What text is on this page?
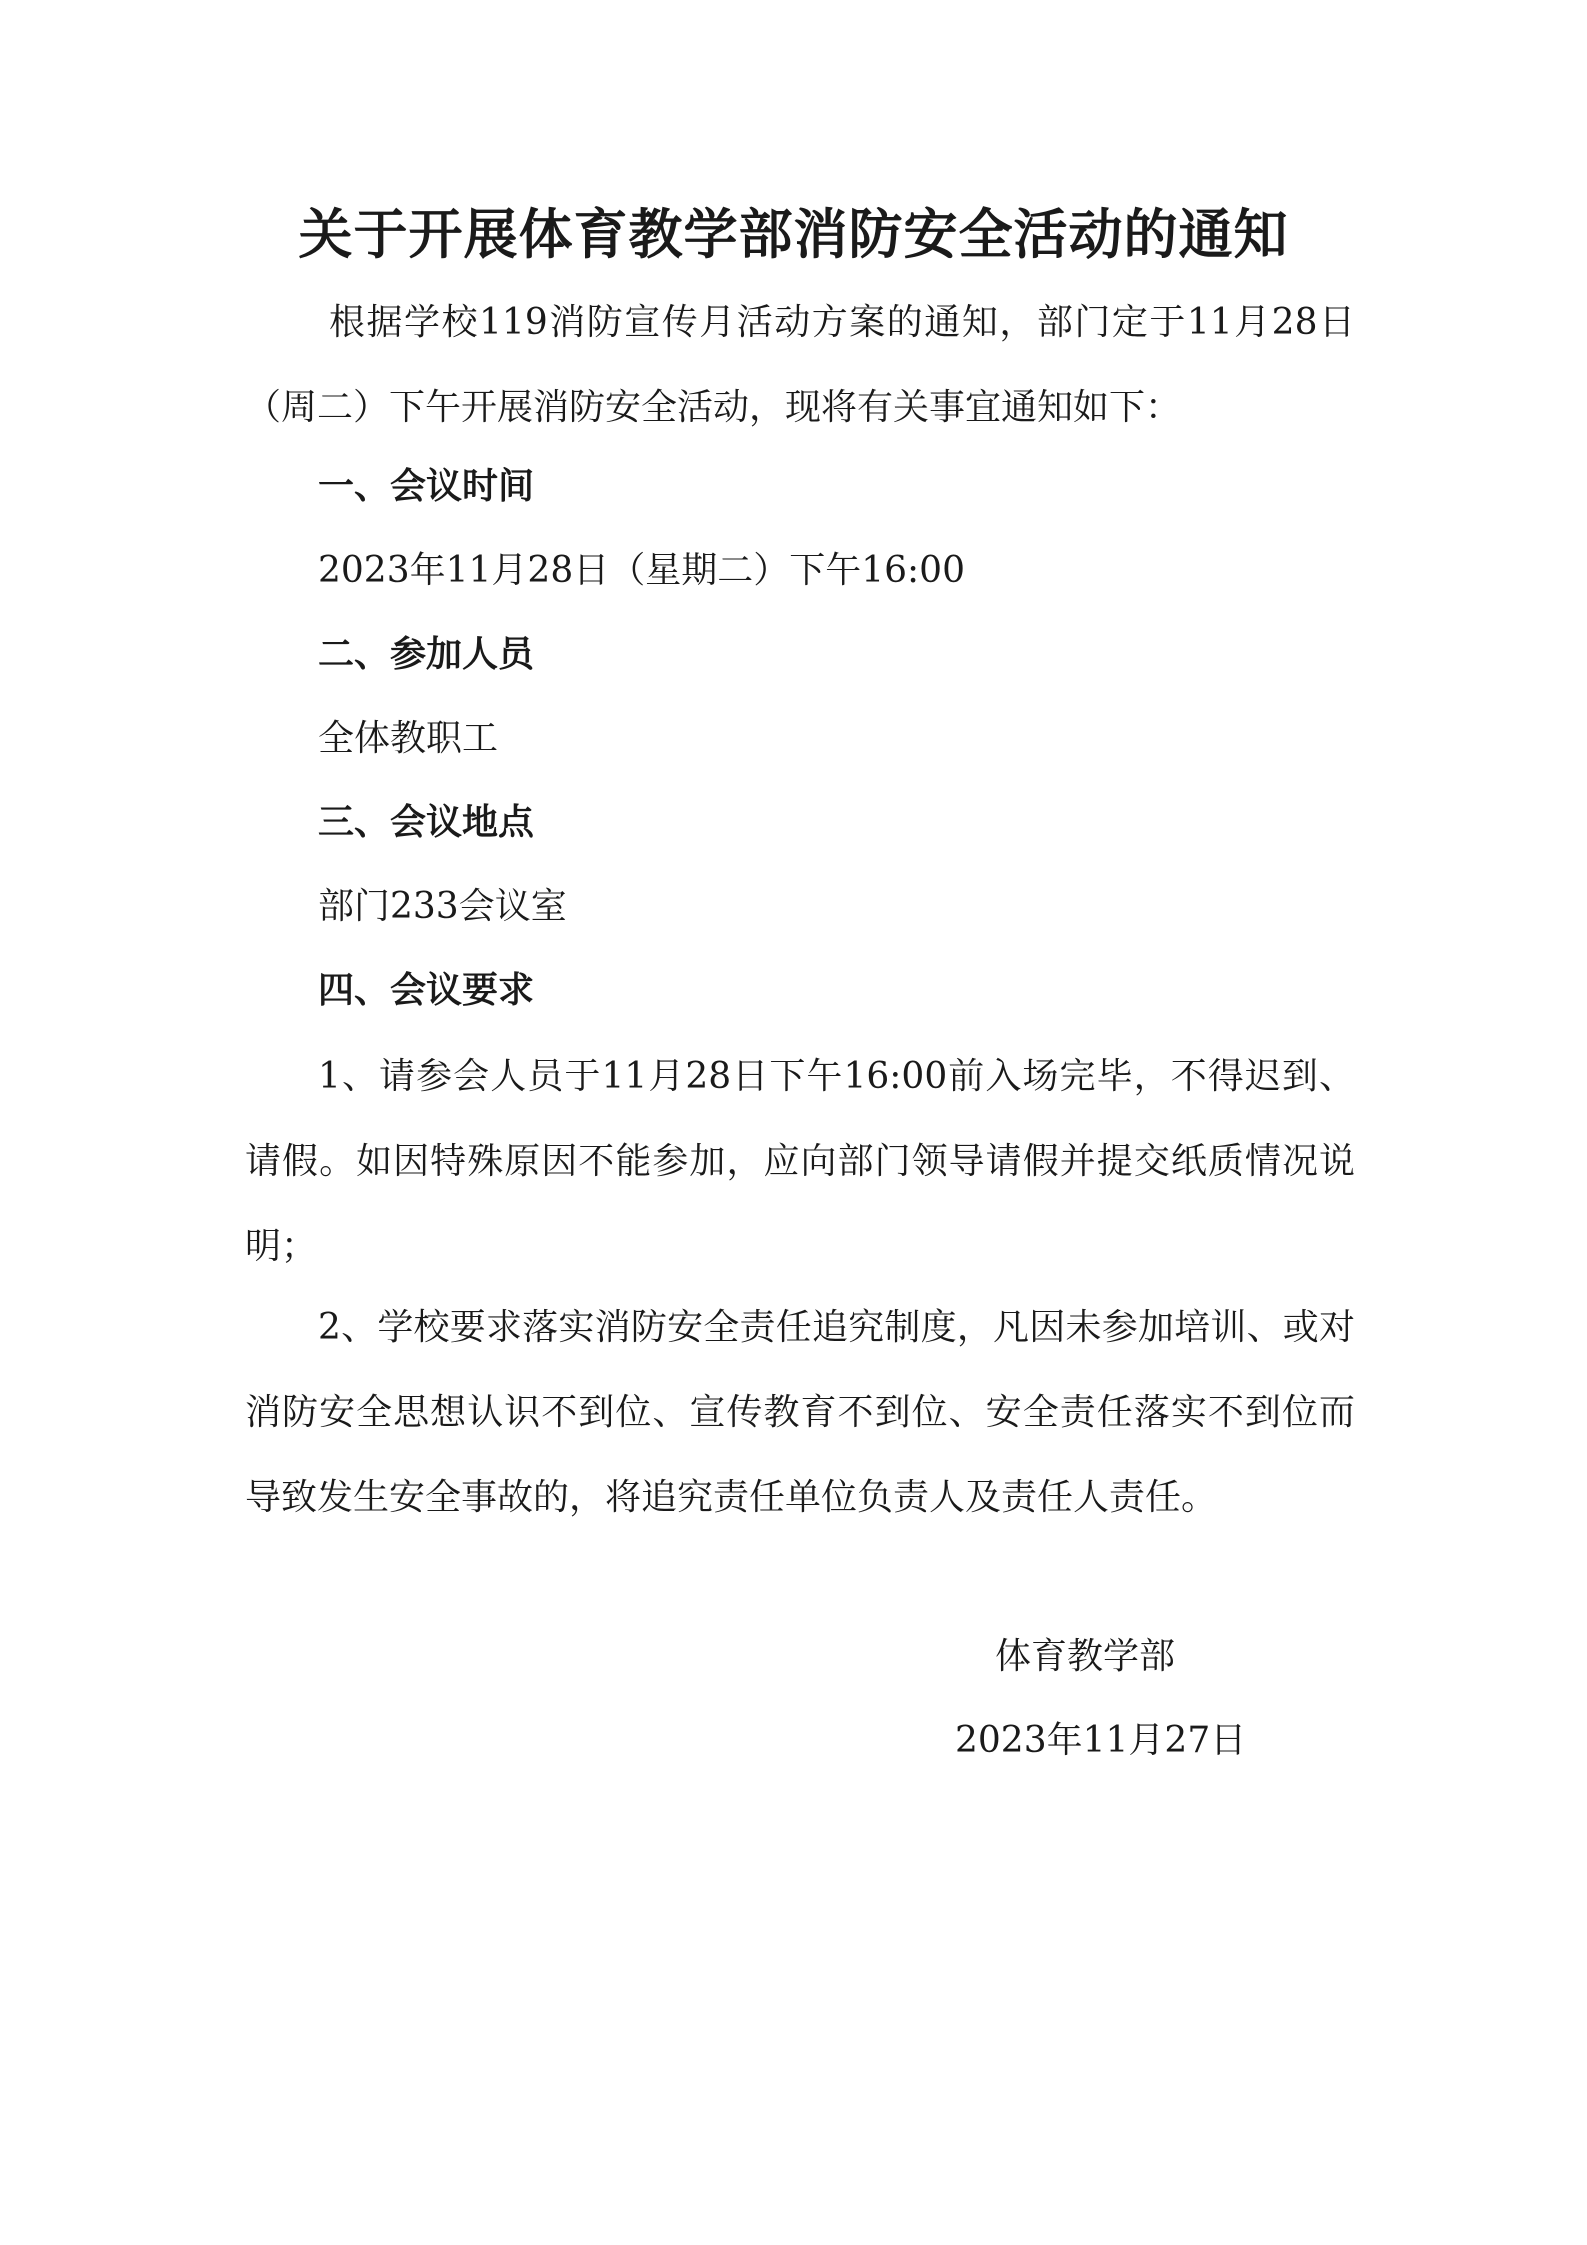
关于开展体育教学部消防安全活动的通知

根据学校119消防宣传月活动方案的通知，部门定于11月28日（周二）下午开展消防安全活动，现将有关事宜通知如下：

一、会议时间

2023年11月28日（星期二）下午16:00

二、参加人员

全体教职工

三、会议地点

部门233会议室

四、会议要求

1、请参会人员于11月28日下午16:00前入场完毕，不得迟到、请假。如因特殊原因不能参加，应向部门领导请假并提交纸质情况说明；

2、学校要求落实消防安全责任追究制度，凡因未参加培训、或对消防安全思想认识不到位、宣传教育不到位、安全责任落实不到位而导致发生安全事故的，将追究责任单位负责人及责任人责任。

体育教学部

2023年11月27日
